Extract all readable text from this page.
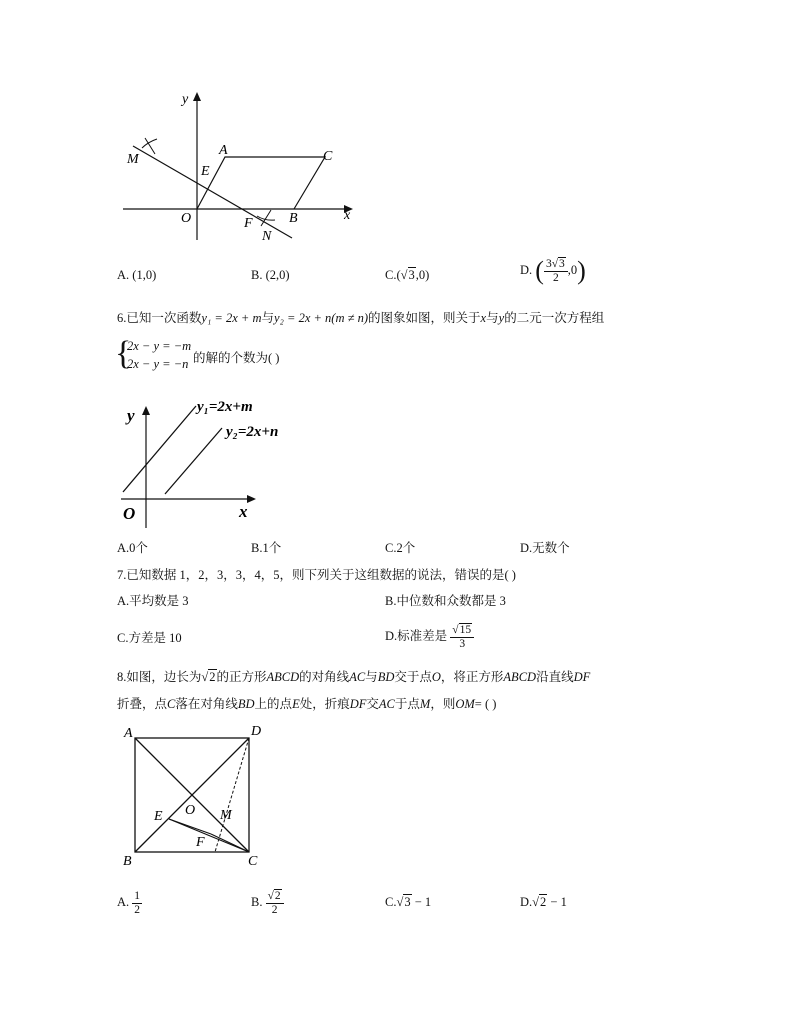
y
x
M
A	C
E
O	F
N
B
A. (1,0)	B. (2,0)	C.(√3,0)	D. ( $\frac{3√3}{2} ,0$)
6.已知一次函数y₁ = 2x + m与y₂ = 2x + n(m ≠ n)的图象如图，则关于x与y的二元一次方程组
{
2x − y = −m
2x − y = −n 的解的个数为( )
y
x
O
y₁=2x+m
y₂=2x+n
A.0个	B.1个	C.2个	D.无数个
7.已知数据 1，2，3，3，4，5，则下列关于这组数据的说法，错误的是( )
A.平均数是 3	B.中位数和众数都是 3
C.方差是 10	D.标准差是 $\frac{√15}{3}$
8.如图，边长为√2的正方形ABCD的对角线AC与BD交于点O，将正方形ABCD沿直线DF
折叠，点C落在对角线BD上的点E处，折痕DF交AC于点M，则OM= ( )
A	D
E O M
F
B	C
A. $\frac{1}{2}$	B. $\frac{√2}{2}$	C.√3 − 1	D.√2 − 1
